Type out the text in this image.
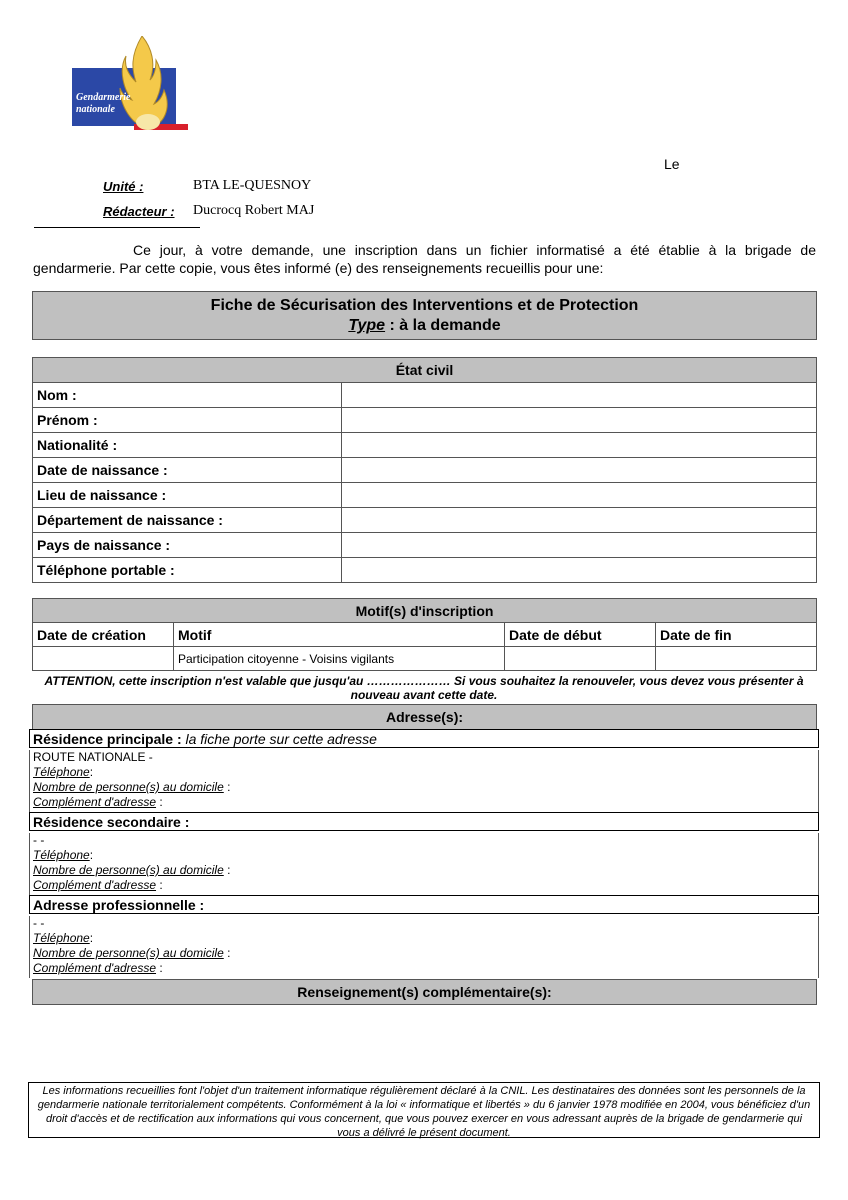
Gendarmerie
nationale
Le
Unité :	BTA LE-QUESNOY
Rédacteur : Ducrocq Robert MAJ
Ce jour, à votre demande, une inscription dans un fichier informatisé a été établie à la brigade de gendarmerie. Par cette copie, vous êtes informé (e) des renseignements recueillis pour une:
Fiche de Sécurisation des Interventions et de Protection
Type : à la demande
État civil	
Nom :	
Prénom :	
Nationalité :	
Date de naissance :	
Lieu de naissance :	
Département de naissance :	
Pays de naissance :	
Téléphone portable :	
Motif(s) d'inscription			
Date de création	Motif	Date de début	Date de fin
	Participation citoyenne - Voisins vigilants		
ATTENTION, cette inscription n'est valable que jusqu'au ………………… Si vous souhaitez la renouveler, vous devez vous présenter à nouveau avant cette date.
Adresse(s):
Résidence principale : la fiche porte sur cette adresse
ROUTE NATIONALE -
Téléphone:
Nombre de personne(s) au domicile :
Complément d'adresse :
Résidence secondaire :
- -
Téléphone:
Nombre de personne(s) au domicile :
Complément d'adresse :
Adresse professionnelle :
- -
Téléphone:
Nombre de personne(s) au domicile :
Complément d'adresse :
Renseignement(s) complémentaire(s):
Les informations recueillies font l'objet d'un traitement informatique régulièrement déclaré à la CNIL. Les destinataires des données sont les personnels de la gendarmerie nationale territorialement compétents. Conformément à la loi « informatique et libertés » du 6 janvier 1978 modifiée en 2004, vous bénéficiez d'un droit d'accès et de rectification aux informations qui vous concernent, que vous pouvez exercer en vous adressant auprès de la brigade de gendarmerie qui vous a délivré le présent document.
